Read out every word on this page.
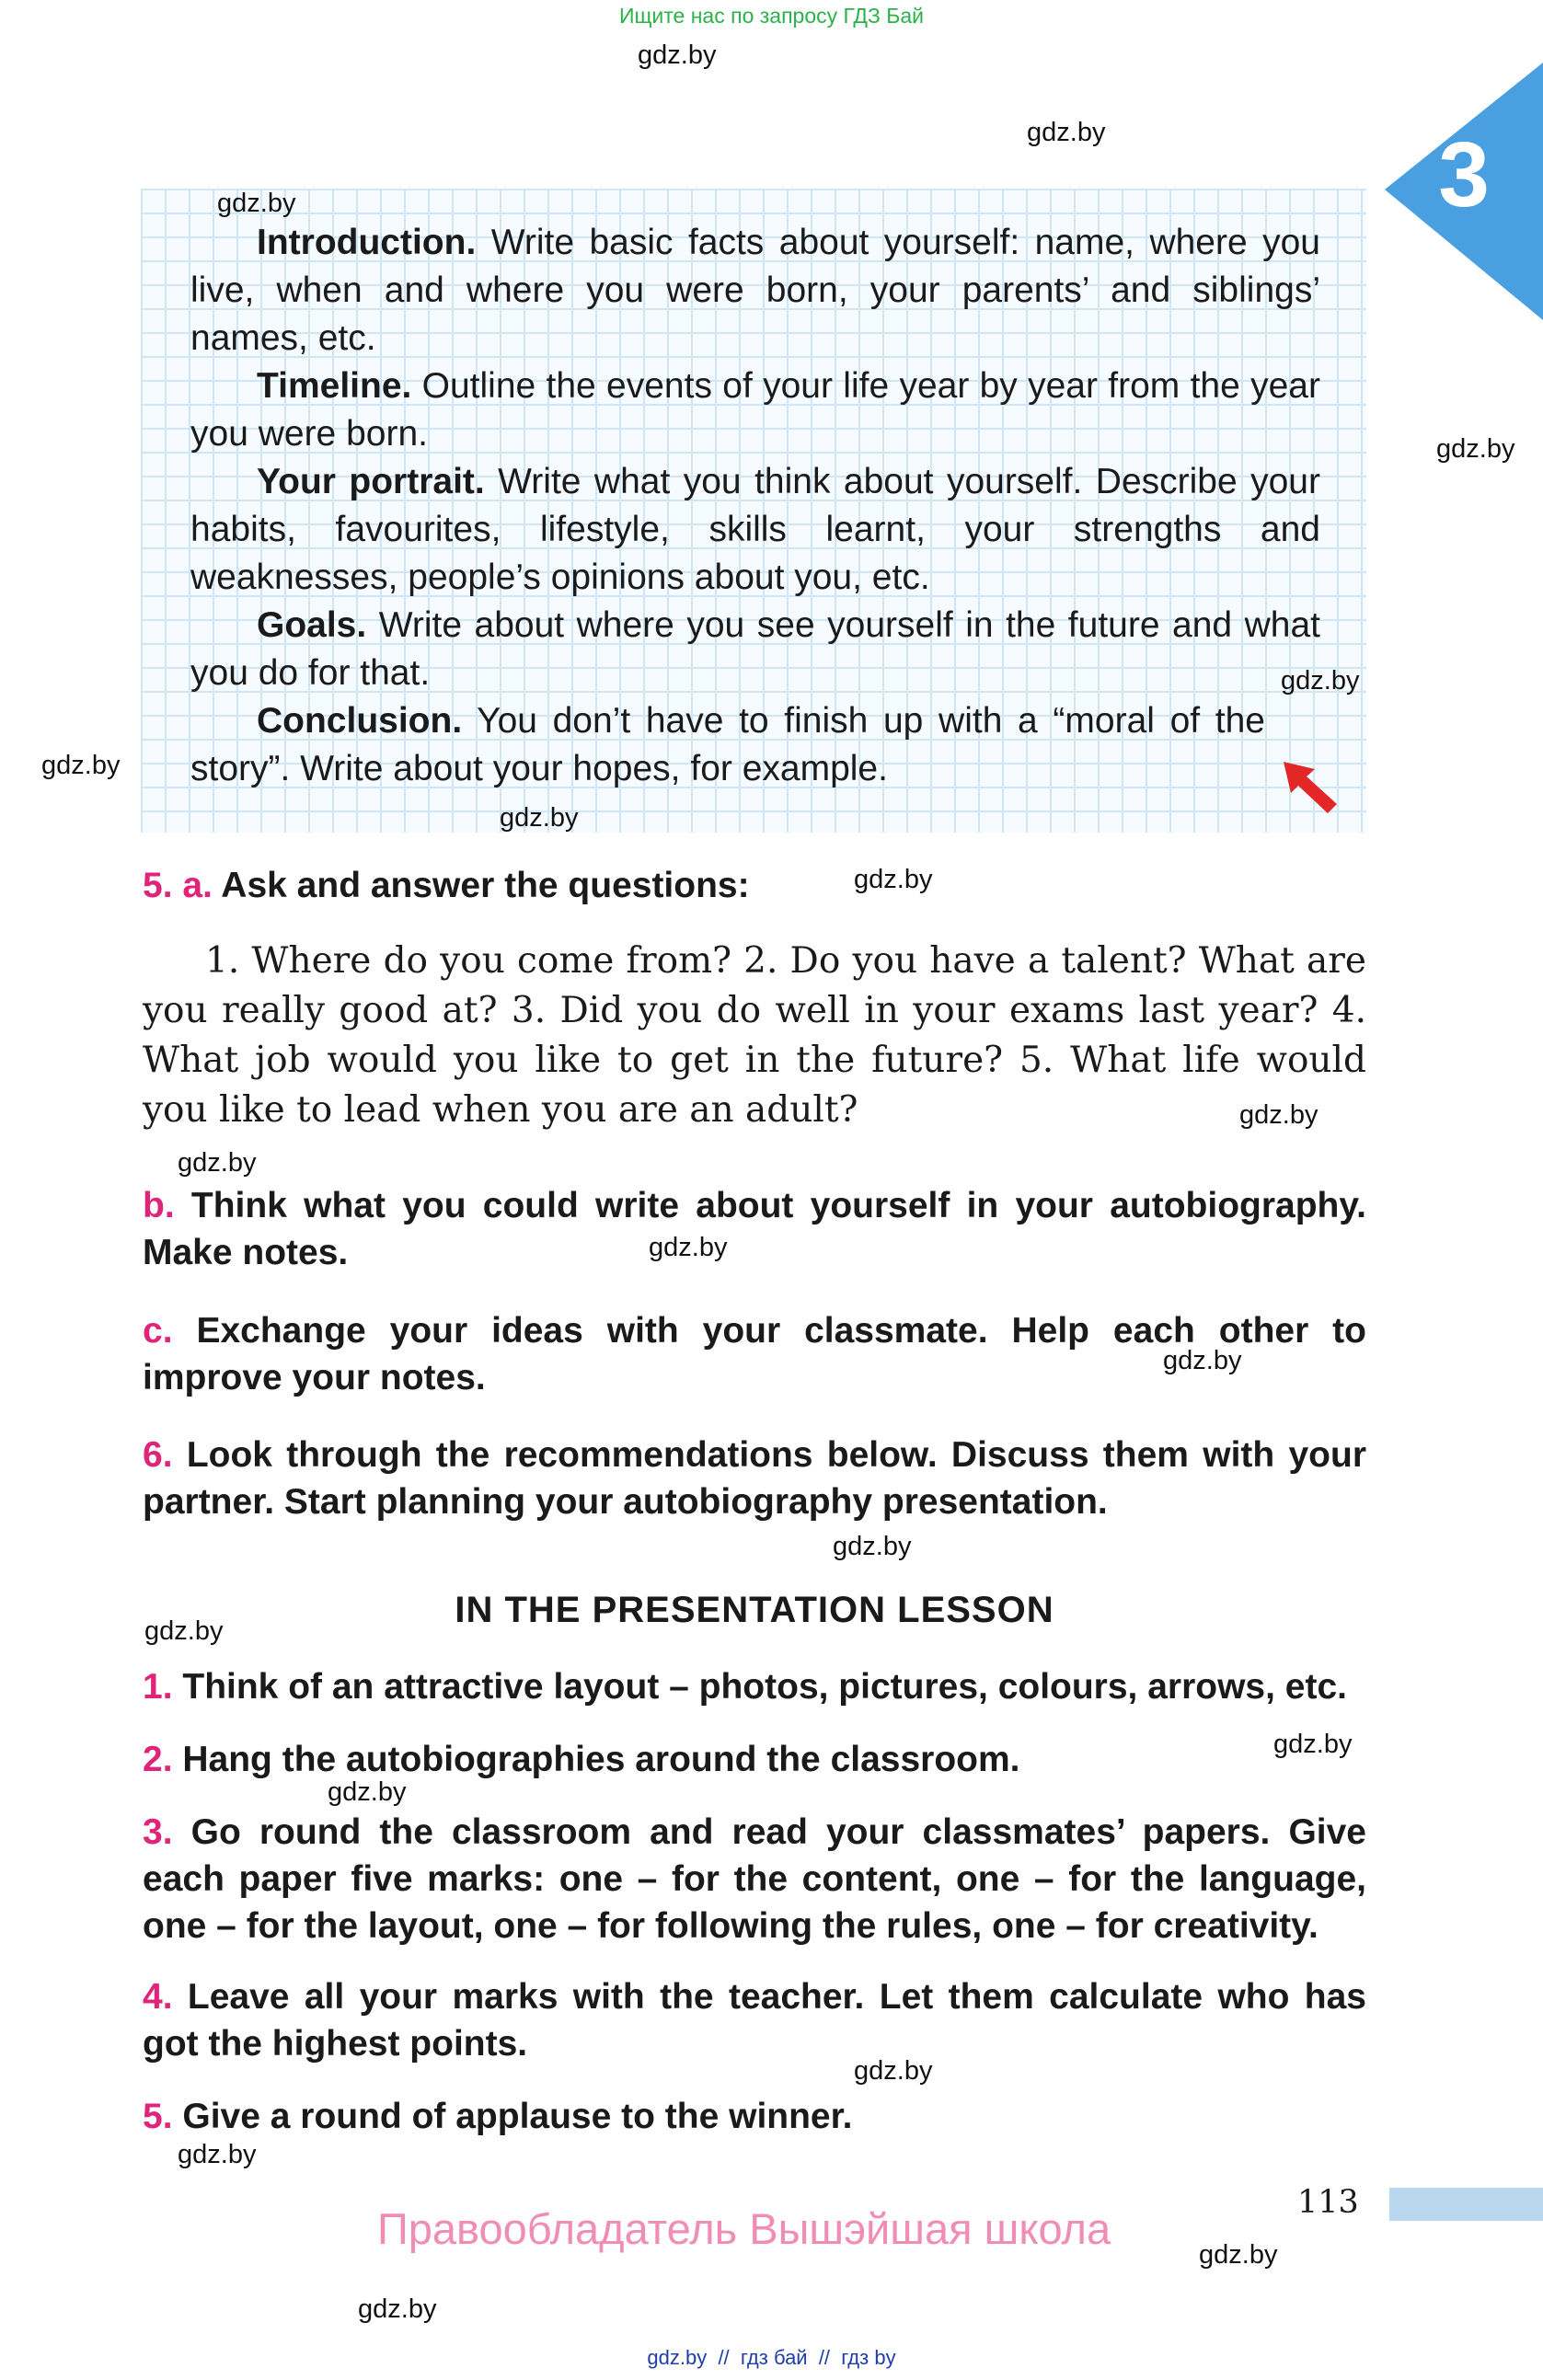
Ищите нас по запросу ГДЗ Бай
3

Introduction. Write basic facts about yourself: name, where you live, when and where you were born, your parents’ and siblings’ names, etc.

Timeline. Outline the events of your life year by year from the year you were born.

Your portrait. Write what you think about yourself. Describe your habits, favourites, lifestyle, skills learnt, your strengths and weaknesses, people’s opinions about you, etc.

Goals. Write about where you see yourself in the future and what you do for that.

Conclusion. You don’t have to finish up with a “moral of the story”. Write about your hopes, for example.

5. a. Ask and answer the questions:
1. Where do you come from? 2. Do you have a talent? What are you really good at? 3. Did you do well in your exams last year? 4. What job would you like to get in the future? 5. What life would you like to lead when you are an adult?
b. Think what you could write about yourself in your autobiography. Make notes.
c. Exchange your ideas with your classmate. Help each other to improve your notes.
6. Look through the recommendations below. Discuss them with your partner. Start planning your autobiography presentation.
IN THE PRESENTATION LESSON
1. Think of an attractive layout – photos, pictures, colours, arrows, etc.
2. Hang the autobiographies around the classroom.
3. Go round the classroom and read your classmates’ papers. Give each paper five marks: one – for the content, one – for the language, one – for the layout, one – for following the rules, one – for creativity.
4. Leave all your marks with the teacher. Let them calculate who has got the highest points.
5. Give a round of applause to the winner.
gdz.by
gdz.by
gdz.by
gdz.by
gdz.by
gdz.by
gdz.by
gdz.by
gdz.by
gdz.by
gdz.by
gdz.by
gdz.by
gdz.by
gdz.by
gdz.by
gdz.by
gdz.by
gdz.by
gdz.by
113
Правообладатель Вышэйшая школа
gdz.by  //  гдз бай  //  гдз by
